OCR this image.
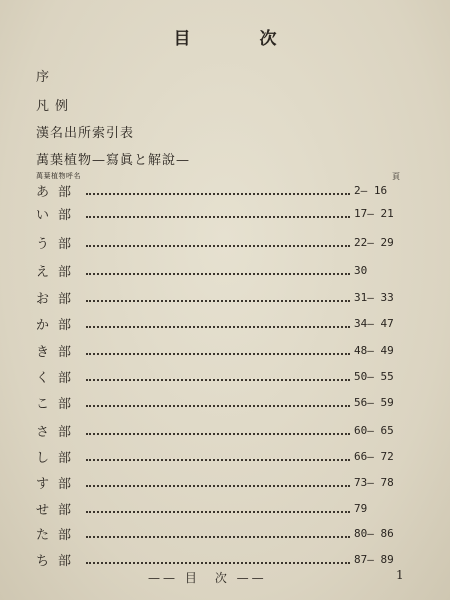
目　次
序
凡例
漢名出所索引表
萬葉植物—寫眞と解說—
萬葉植物呼名	頁
あ 部	2— 16
い 部	17— 21
う 部	22— 29
え 部	30
お 部	31— 33
か 部	34— 47
き 部	48— 49
く 部	50— 55
こ 部	56— 59
さ 部	60— 65
し 部	66— 72
す 部	73— 78
せ 部	79
た 部	80— 86
ち 部	87— 89
—— 目　次 ——	1
